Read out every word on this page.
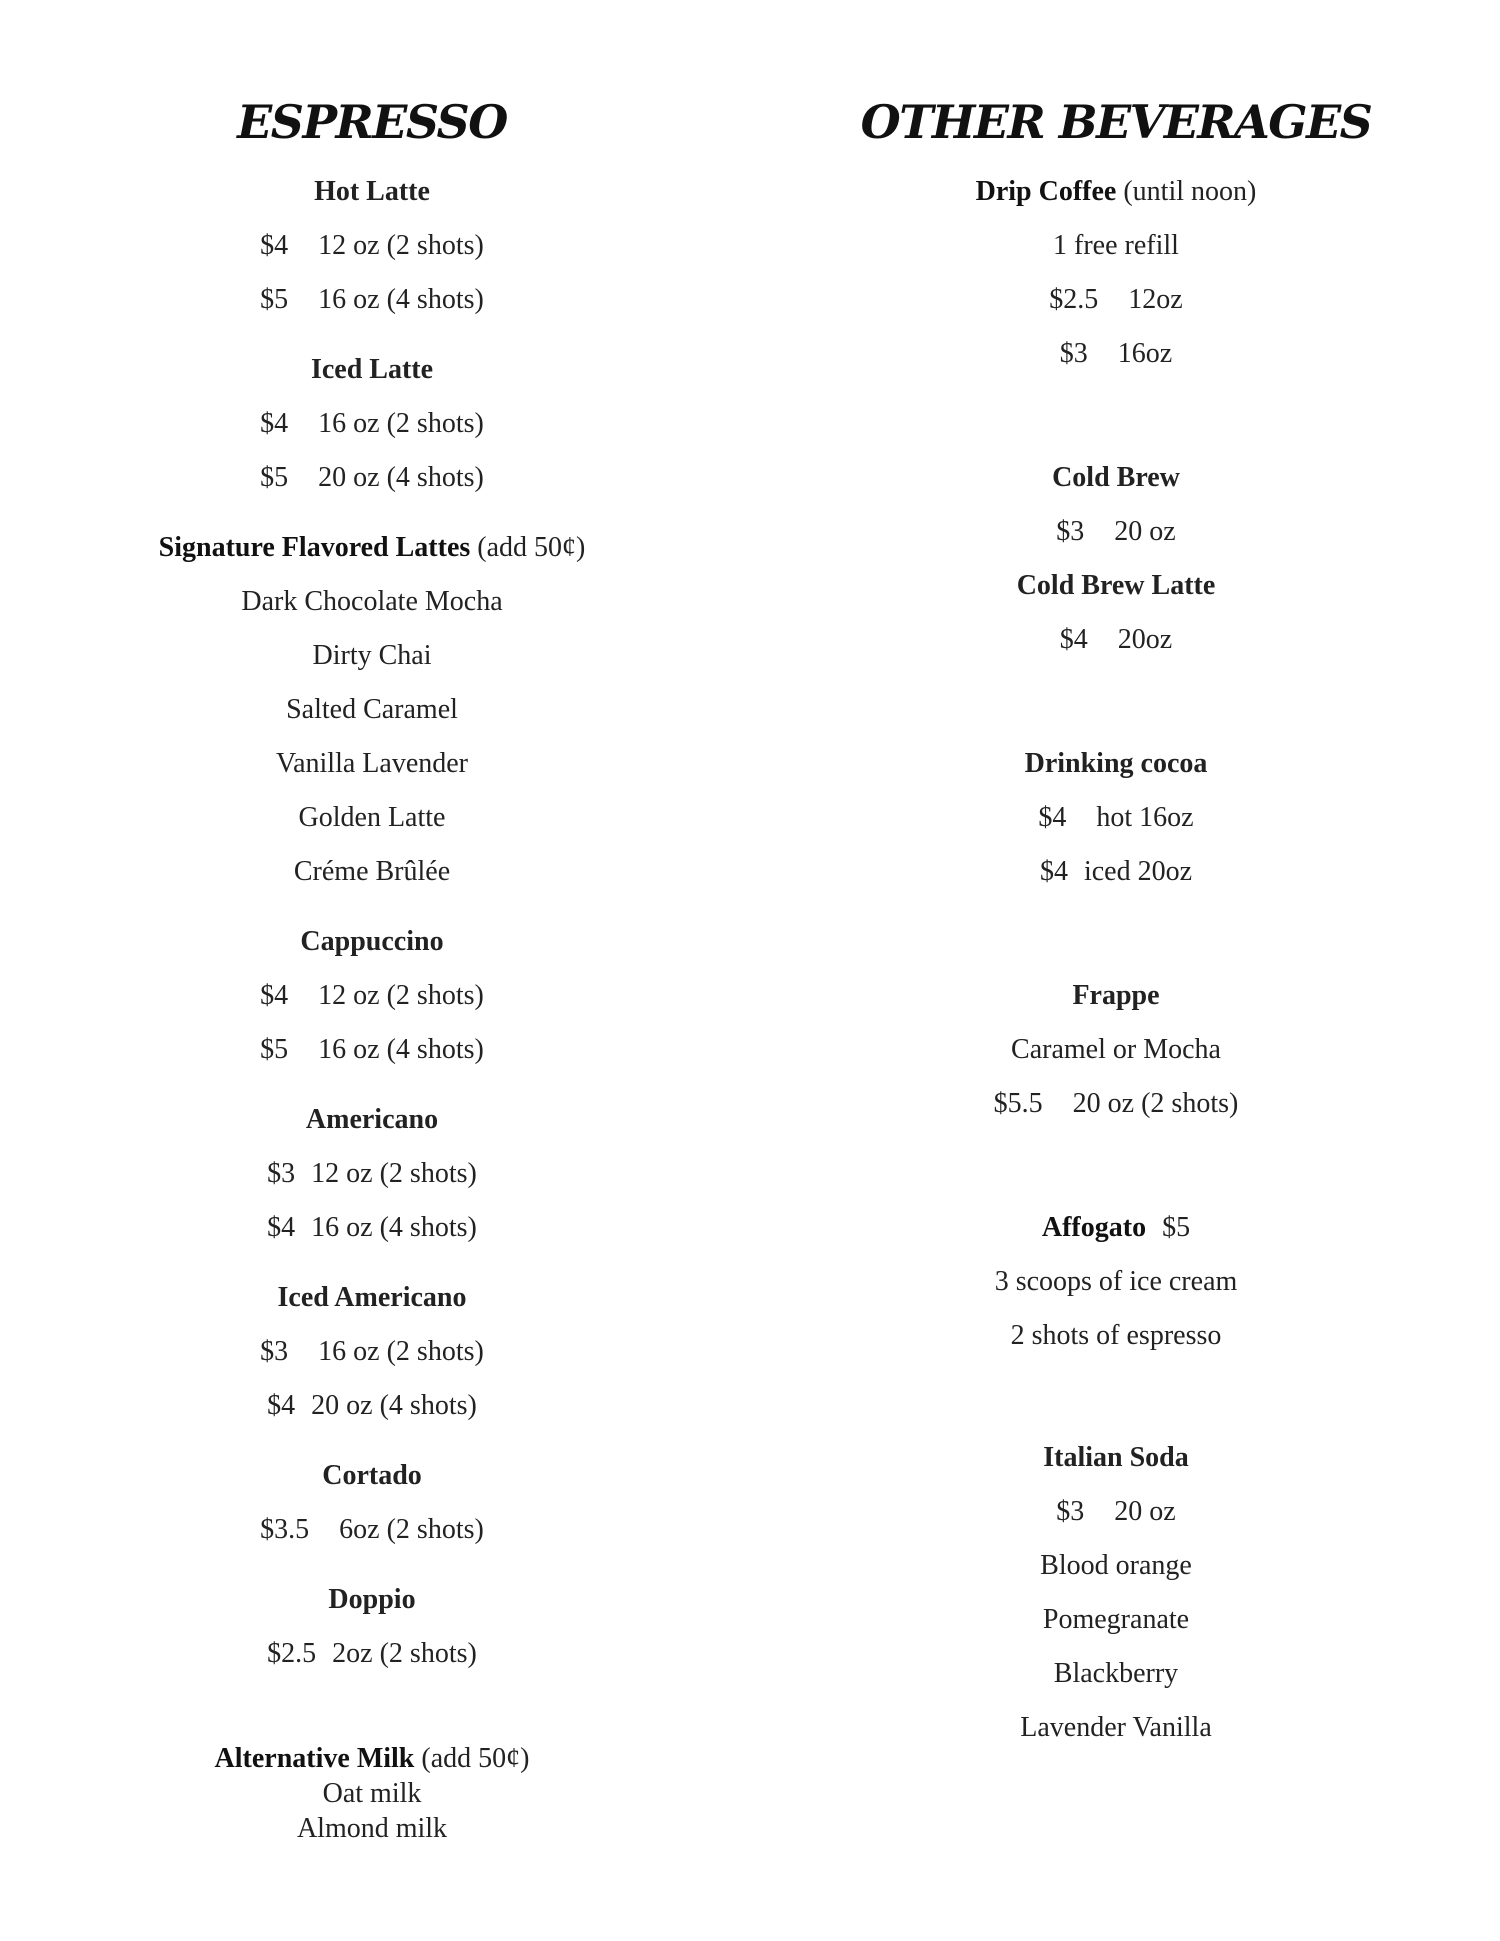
ESPRESSO
Hot Latte
$4 12 oz (2 shots)
$5 16 oz (4 shots)
Iced Latte
$4 16 oz (2 shots)
$5 20 oz (4 shots)
Signature Flavored Lattes (add 50¢)
Dark Chocolate Mocha
Dirty Chai
Salted Caramel
Vanilla Lavender
Golden Latte
Créme Brûlée
Cappuccino
$4 12 oz (2 shots)
$5 16 oz (4 shots)
Americano
$3 12 oz (2 shots)
$4 16 oz (4 shots)
Iced Americano
$3 16 oz (2 shots)
$4 20 oz (4 shots)
Cortado
$3.5 6oz (2 shots)
Doppio
$2.5 2oz (2 shots)
Alternative Milk (add 50¢)
Oat milk
Almond milk
OTHER BEVERAGES
Drip Coffee (until noon)
1 free refill
$2.5 12oz
$3 16oz
Cold Brew
$3 20 oz
Cold Brew Latte
$4 20oz
Drinking cocoa
$4 hot 16oz
$4 iced 20oz
Frappe
Caramel or Mocha
$5.5 20 oz (2 shots)
Affogato $5
3 scoops of ice cream
2 shots of espresso
Italian Soda
$3 20 oz
Blood orange
Pomegranate
Blackberry
Lavender Vanilla
